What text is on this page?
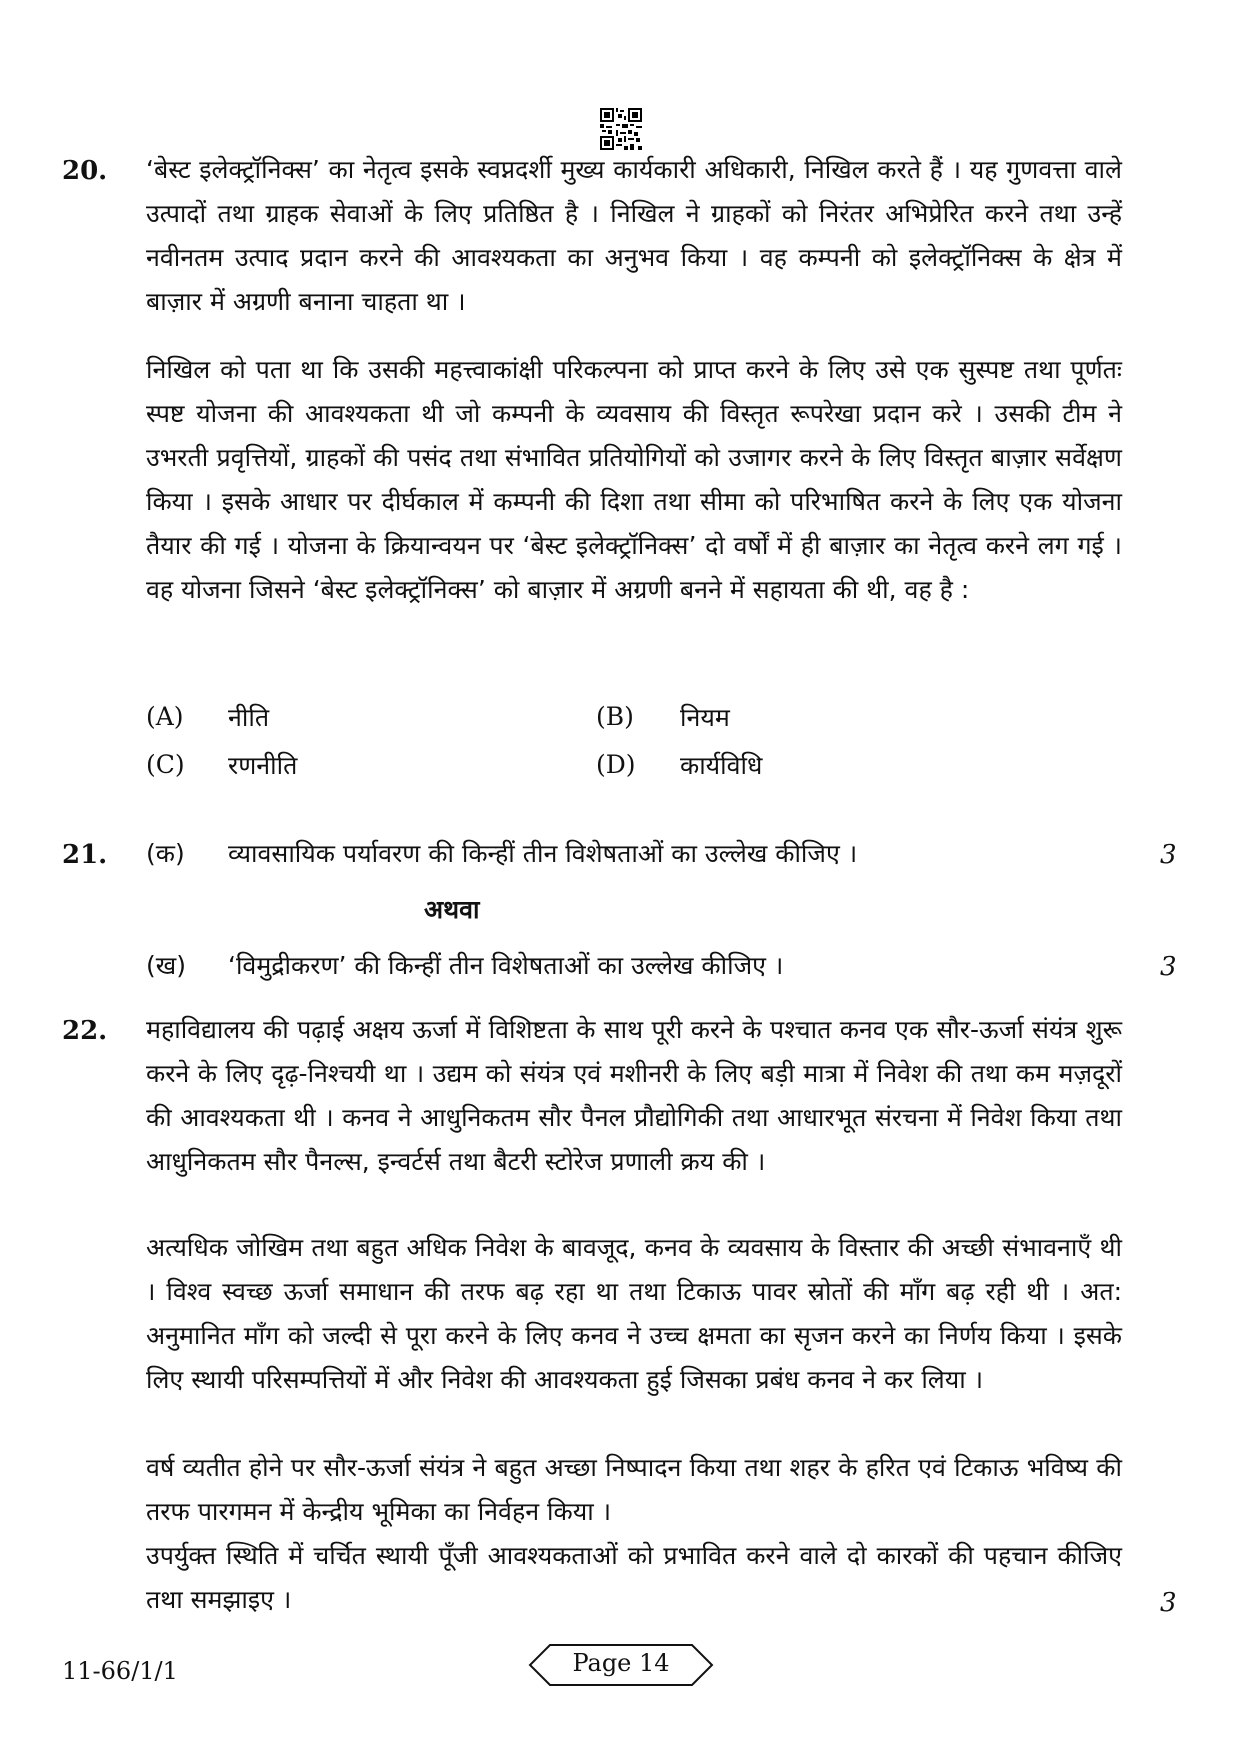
20.	‘बेस्ट इलेक्ट्रॉनिक्स’ का नेतृत्व इसके स्वप्नदर्शी मुख्य कार्यकारी अधिकारी, निखिल करते हैं । यह गुणवत्ता वाले उत्पादों तथा ग्राहक सेवाओं के लिए प्रतिष्ठित है । निखिल ने ग्राहकों को निरंतर अभिप्रेरित करने तथा उन्हें नवीनतम उत्पाद प्रदान करने की आवश्यकता का अनुभव किया । वह कम्पनी को इलेक्ट्रॉनिक्स के क्षेत्र में बाज़ार में अग्रणी बनाना चाहता था ।

निखिल को पता था कि उसकी महत्त्वाकांक्षी परिकल्पना को प्राप्त करने के लिए उसे एक सुस्पष्ट तथा पूर्णतः स्पष्ट योजना की आवश्यकता थी जो कम्पनी के व्यवसाय की विस्तृत रूपरेखा प्रदान करे । उसकी टीम ने उभरती प्रवृत्तियों, ग्राहकों की पसंद तथा संभावित प्रतियोगियों को उजागर करने के लिए विस्तृत बाज़ार सर्वेक्षण किया । इसके आधार पर दीर्घकाल में कम्पनी की दिशा तथा सीमा को परिभाषित करने के लिए एक योजना तैयार की गई । योजना के क्रियान्वयन पर ‘बेस्ट इलेक्ट्रॉनिक्स’ दो वर्षों में ही बाज़ार का नेतृत्व करने लग गई । वह योजना जिसने ‘बेस्ट इलेक्ट्रॉनिक्स’ को बाज़ार में अग्रणी बनने में सहायता की थी, वह है :

(A) नीति	(B) नियम
(C) रणनीति	(D) कार्यविधि
21.	(क) व्यावसायिक पर्यावरण की किन्हीं तीन विशेषताओं का उल्लेख कीजिए ।	3
अथवा
(ख) ‘विमुद्रीकरण’ की किन्हीं तीन विशेषताओं का उल्लेख कीजिए ।	3
22.	महाविद्यालय की पढ़ाई अक्षय ऊर्जा में विशिष्टता के साथ पूरी करने के पश्चात कनव एक सौर-ऊर्जा संयंत्र शुरू करने के लिए दृढ़-निश्चयी था । उद्यम को संयंत्र एवं मशीनरी के लिए बड़ी मात्रा में निवेश की तथा कम मज़दूरों की आवश्यकता थी । कनव ने आधुनिकतम सौर पैनल प्रौद्योगिकी तथा आधारभूत संरचना में निवेश किया तथा आधुनिकतम सौर पैनल्स, इन्वर्टर्स तथा बैटरी स्टोरेज प्रणाली क्रय की ।

अत्यधिक जोखिम तथा बहुत अधिक निवेश के बावजूद, कनव के व्यवसाय के विस्तार की अच्छी संभावनाएँ थी । विश्व स्वच्छ ऊर्जा समाधान की तरफ बढ़ रहा था तथा टिकाऊ पावर स्रोतों की माँग बढ़ रही थी । अत: अनुमानित माँग को जल्दी से पूरा करने के लिए कनव ने उच्च क्षमता का सृजन करने का निर्णय किया । इसके लिए स्थायी परिसम्पत्तियों में और निवेश की आवश्यकता हुई जिसका प्रबंध कनव ने कर लिया ।

वर्ष व्यतीत होने पर सौर-ऊर्जा संयंत्र ने बहुत अच्छा निष्पादन किया तथा शहर के हरित एवं टिकाऊ भविष्य की तरफ पारगमन में केन्द्रीय भूमिका का निर्वहन किया ।

उपर्युक्त स्थिति में चर्चित स्थायी पूँजी आवश्यकताओं को प्रभावित करने वाले दो कारकों की पहचान कीजिए तथा समझाइए ।	3
11-66/1/1	Page 14
